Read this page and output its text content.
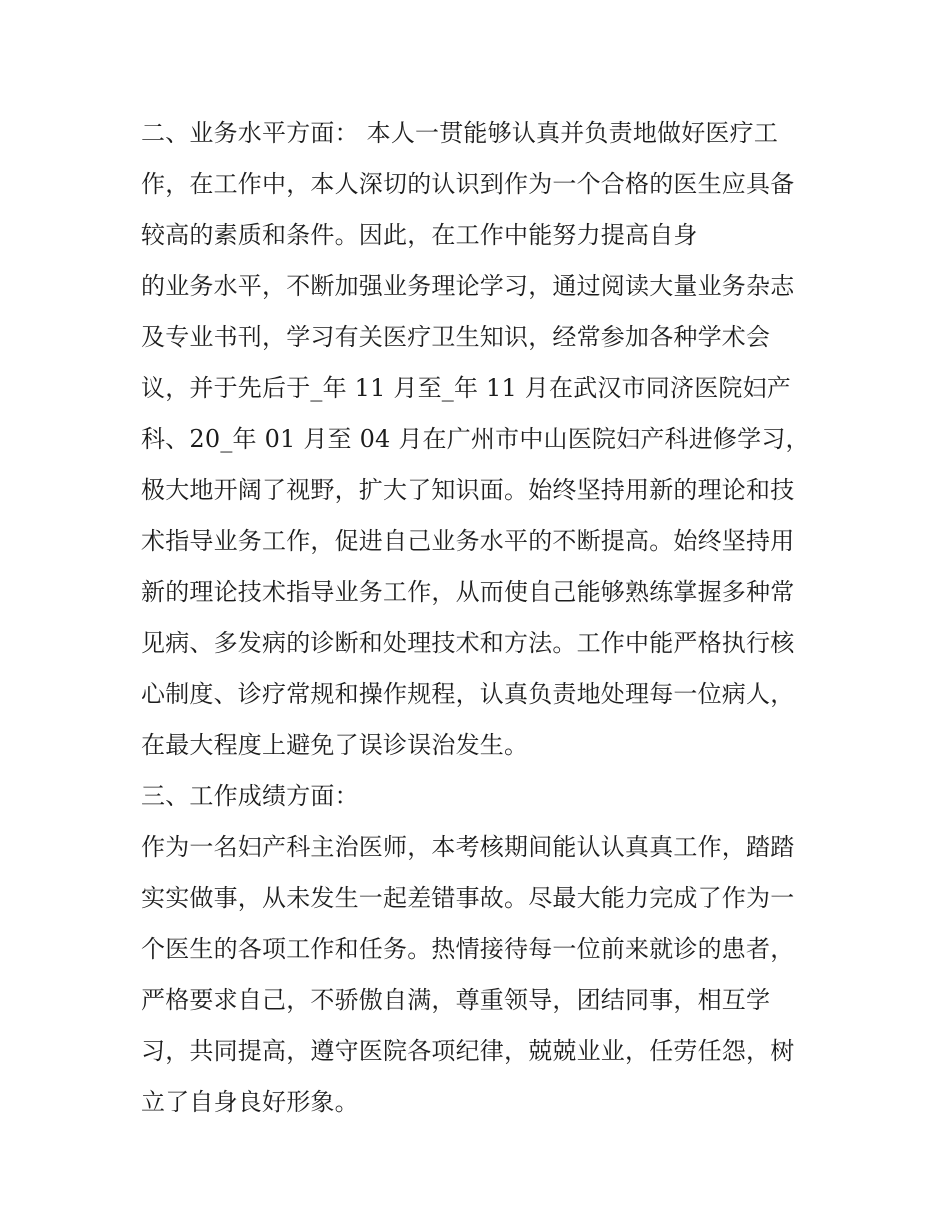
二、业务水平方面： 本人一贯能够认真并负责地做好医疗工
作，在工作中，本人深切的认识到作为一个合格的医生应具备
较高的素质和条件。因此，在工作中能努力提高自身
的业务水平，不断加强业务理论学习，通过阅读大量业务杂志
及专业书刊，学习有关医疗卫生知识，经常参加各种学术会
议，并于先后于_年 11 月至_年 11 月在武汉市同济医院妇产
科、20_年 01 月至 04 月在广州市中山医院妇产科进修学习，
极大地开阔了视野，扩大了知识面。始终坚持用新的理论和技
术指导业务工作，促进自己业务水平的不断提高。始终坚持用
新的理论技术指导业务工作，从而使自己能够熟练掌握多种常
见病、多发病的诊断和处理技术和方法。工作中能严格执行核
心制度、诊疗常规和操作规程，认真负责地处理每一位病人，
在最大程度上避免了误诊误治发生。
三、工作成绩方面：
作为一名妇产科主治医师，本考核期间能认认真真工作，踏踏
实实做事，从未发生一起差错事故。尽最大能力完成了作为一
个医生的各项工作和任务。热情接待每一位前来就诊的患者，
严格要求自己，不骄傲自满，尊重领导，团结同事，相互学
习，共同提高，遵守医院各项纪律，兢兢业业，任劳任怨，树
立了自身良好形象。
